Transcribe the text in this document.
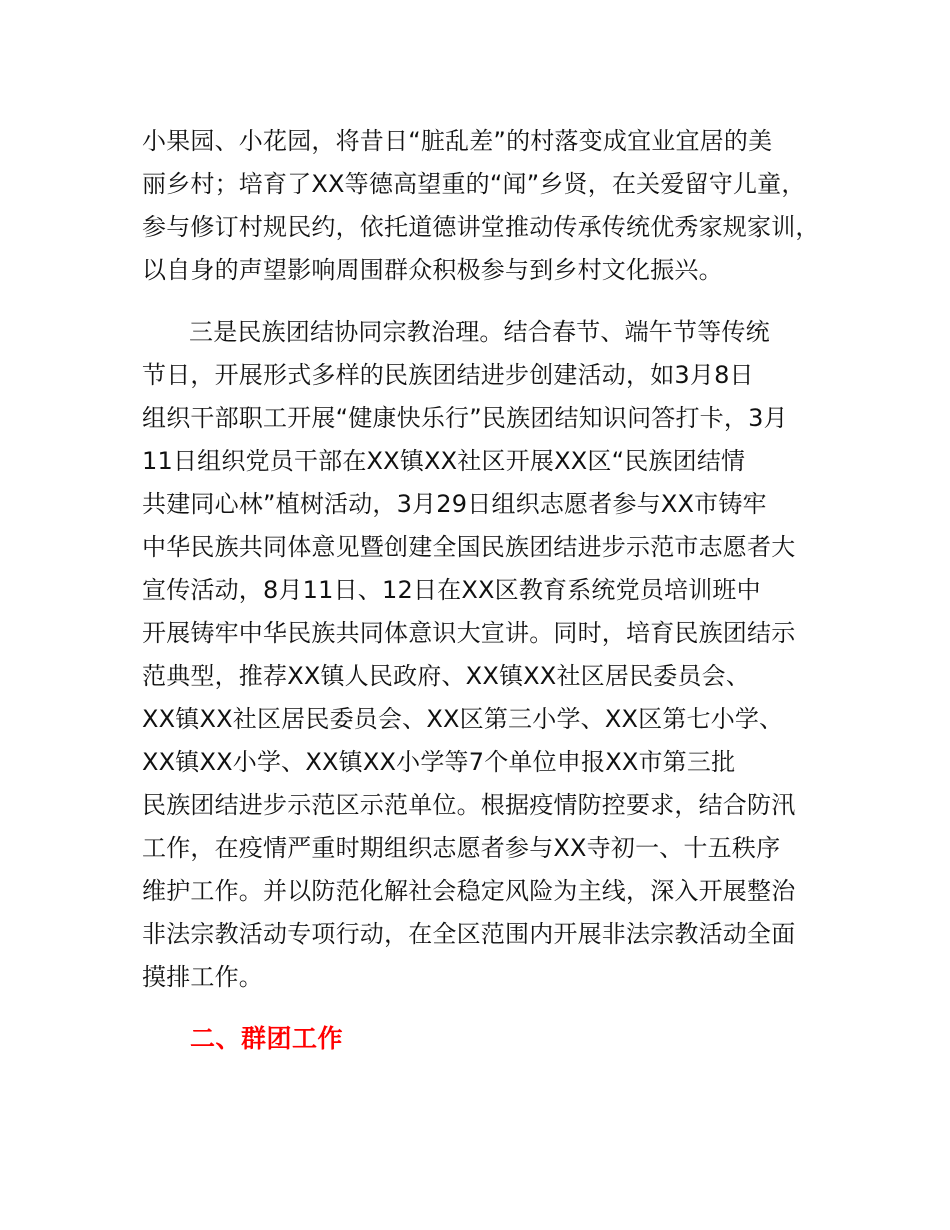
小果园、小花园，将昔日“脏乱差”的村落变成宜业宜居的美
丽乡村；培育了XX等德高望重的“闻”乡贤，在关爱留守儿童，
参与修订村规民约，依托道德讲堂推动传承传统优秀家规家训，
以自身的声望影响周围群众积极参与到乡村文化振兴。
三是民族团结协同宗教治理。结合春节、端午节等传统
节日，开展形式多样的民族团结进步创建活动，如3月8日
组织干部职工开展“健康快乐行”民族团结知识问答打卡，3月
11日组织党员干部在XX镇XX社区开展XX区“民族团结情
共建同心林”植树活动，3月29日组织志愿者参与XX市铸牢
中华民族共同体意见暨创建全国民族团结进步示范市志愿者大
宣传活动，8月11日、12日在XX区教育系统党员培训班中
开展铸牢中华民族共同体意识大宣讲。同时，培育民族团结示
范典型，推荐XX镇人民政府、XX镇XX社区居民委员会、
XX镇XX社区居民委员会、XX区第三小学、XX区第七小学、
XX镇XX小学、XX镇XX小学等7个单位申报XX市第三批
民族团结进步示范区示范单位。根据疫情防控要求，结合防汛
工作，在疫情严重时期组织志愿者参与XX寺初一、十五秩序
维护工作。并以防范化解社会稳定风险为主线，深入开展整治
非法宗教活动专项行动，在全区范围内开展非法宗教活动全面
摸排工作。
二、群团工作
